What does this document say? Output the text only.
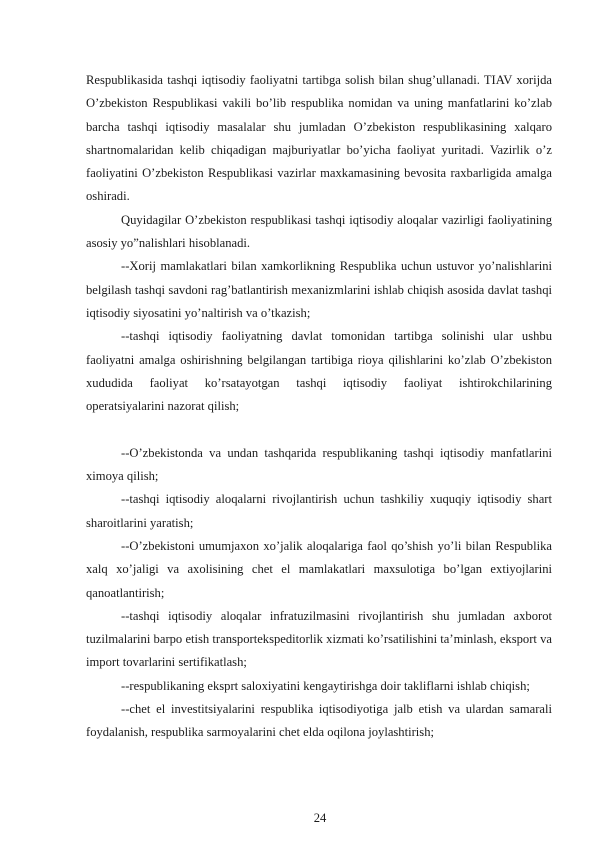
Respublikasida tashqi iqtisodiy faoliyatni tartibga solish bilan shug’ullanadi. TIAV xorijda O’zbekiston Respublikasi vakili bo’lib respublika nomidan va uning manfatlarini ko’zlab barcha tashqi iqtisodiy masalalar shu jumladan O’zbekiston respublikasining xalqaro shartnomalaridan kelib chiqadigan majburiyatlar bo’yicha faoliyat yuritadi. Vazirlik o’z faoliyatini O’zbekiston Respublikasi vazirlar maxkamasining bevosita raxbarligida amalga oshiradi.

Quyidagilar O’zbekiston respublikasi tashqi iqtisodiy aloqalar vazirligi faoliyatining asosiy yo”nalishlari hisoblanadi.

--Xorij mamlakatlari bilan xamkorlikning Respublika uchun ustuvor yo’nalishlarini belgilash tashqi savdoni rag’batlantirish mexanizmlarini ishlab chiqish asosida davlat tashqi iqtisodiy siyosatini yo’naltirish va o’tkazish;

--tashqi iqtisodiy faoliyatning davlat tomonidan tartibga solinishi ular ushbu faoliyatni amalga oshirishning belgilangan tartibiga rioya qilishlarini ko’zlab O’zbekiston xududida faoliyat ko’rsatayotgan tashqi iqtisodiy faoliyat ishtirokchilarining operatsiyalarini nazorat qilish;

--O’zbekistonda va undan tashqarida respublikaning tashqi iqtisodiy manfatlarini ximoya qilish;

--tashqi iqtisodiy aloqalarni rivojlantirish uchun tashkiliy xuquqiy iqtisodiy shart sharoitlarini yaratish;

--O’zbekistoni umumjaxon xo’jalik aloqalariga faol qo’shish yo’li bilan Respublika xalq xo’jaligi va axolisining chet el mamlakatlari maxsulotiga bo’lgan extiyojlarini qanoatlantirish;

--tashqi iqtisodiy aloqalar infratuzilmasini rivojlantirish shu jumladan axborot tuzilmalarini barpo etish transportekspeditorlik xizmati ko’rsatilishini ta’minlash, eksport va import tovarlarini sertifikatlash;

--respublikaning eksprt saloxiyatini kengaytirishga doir takliflarni ishlab chiqish;

--chet el investitsiyalarini respublika iqtisodiyotiga jalb etish va ulardan samarali foydalanish, respublika sarmoyalarini chet elda oqilona joylashtirish;

24
